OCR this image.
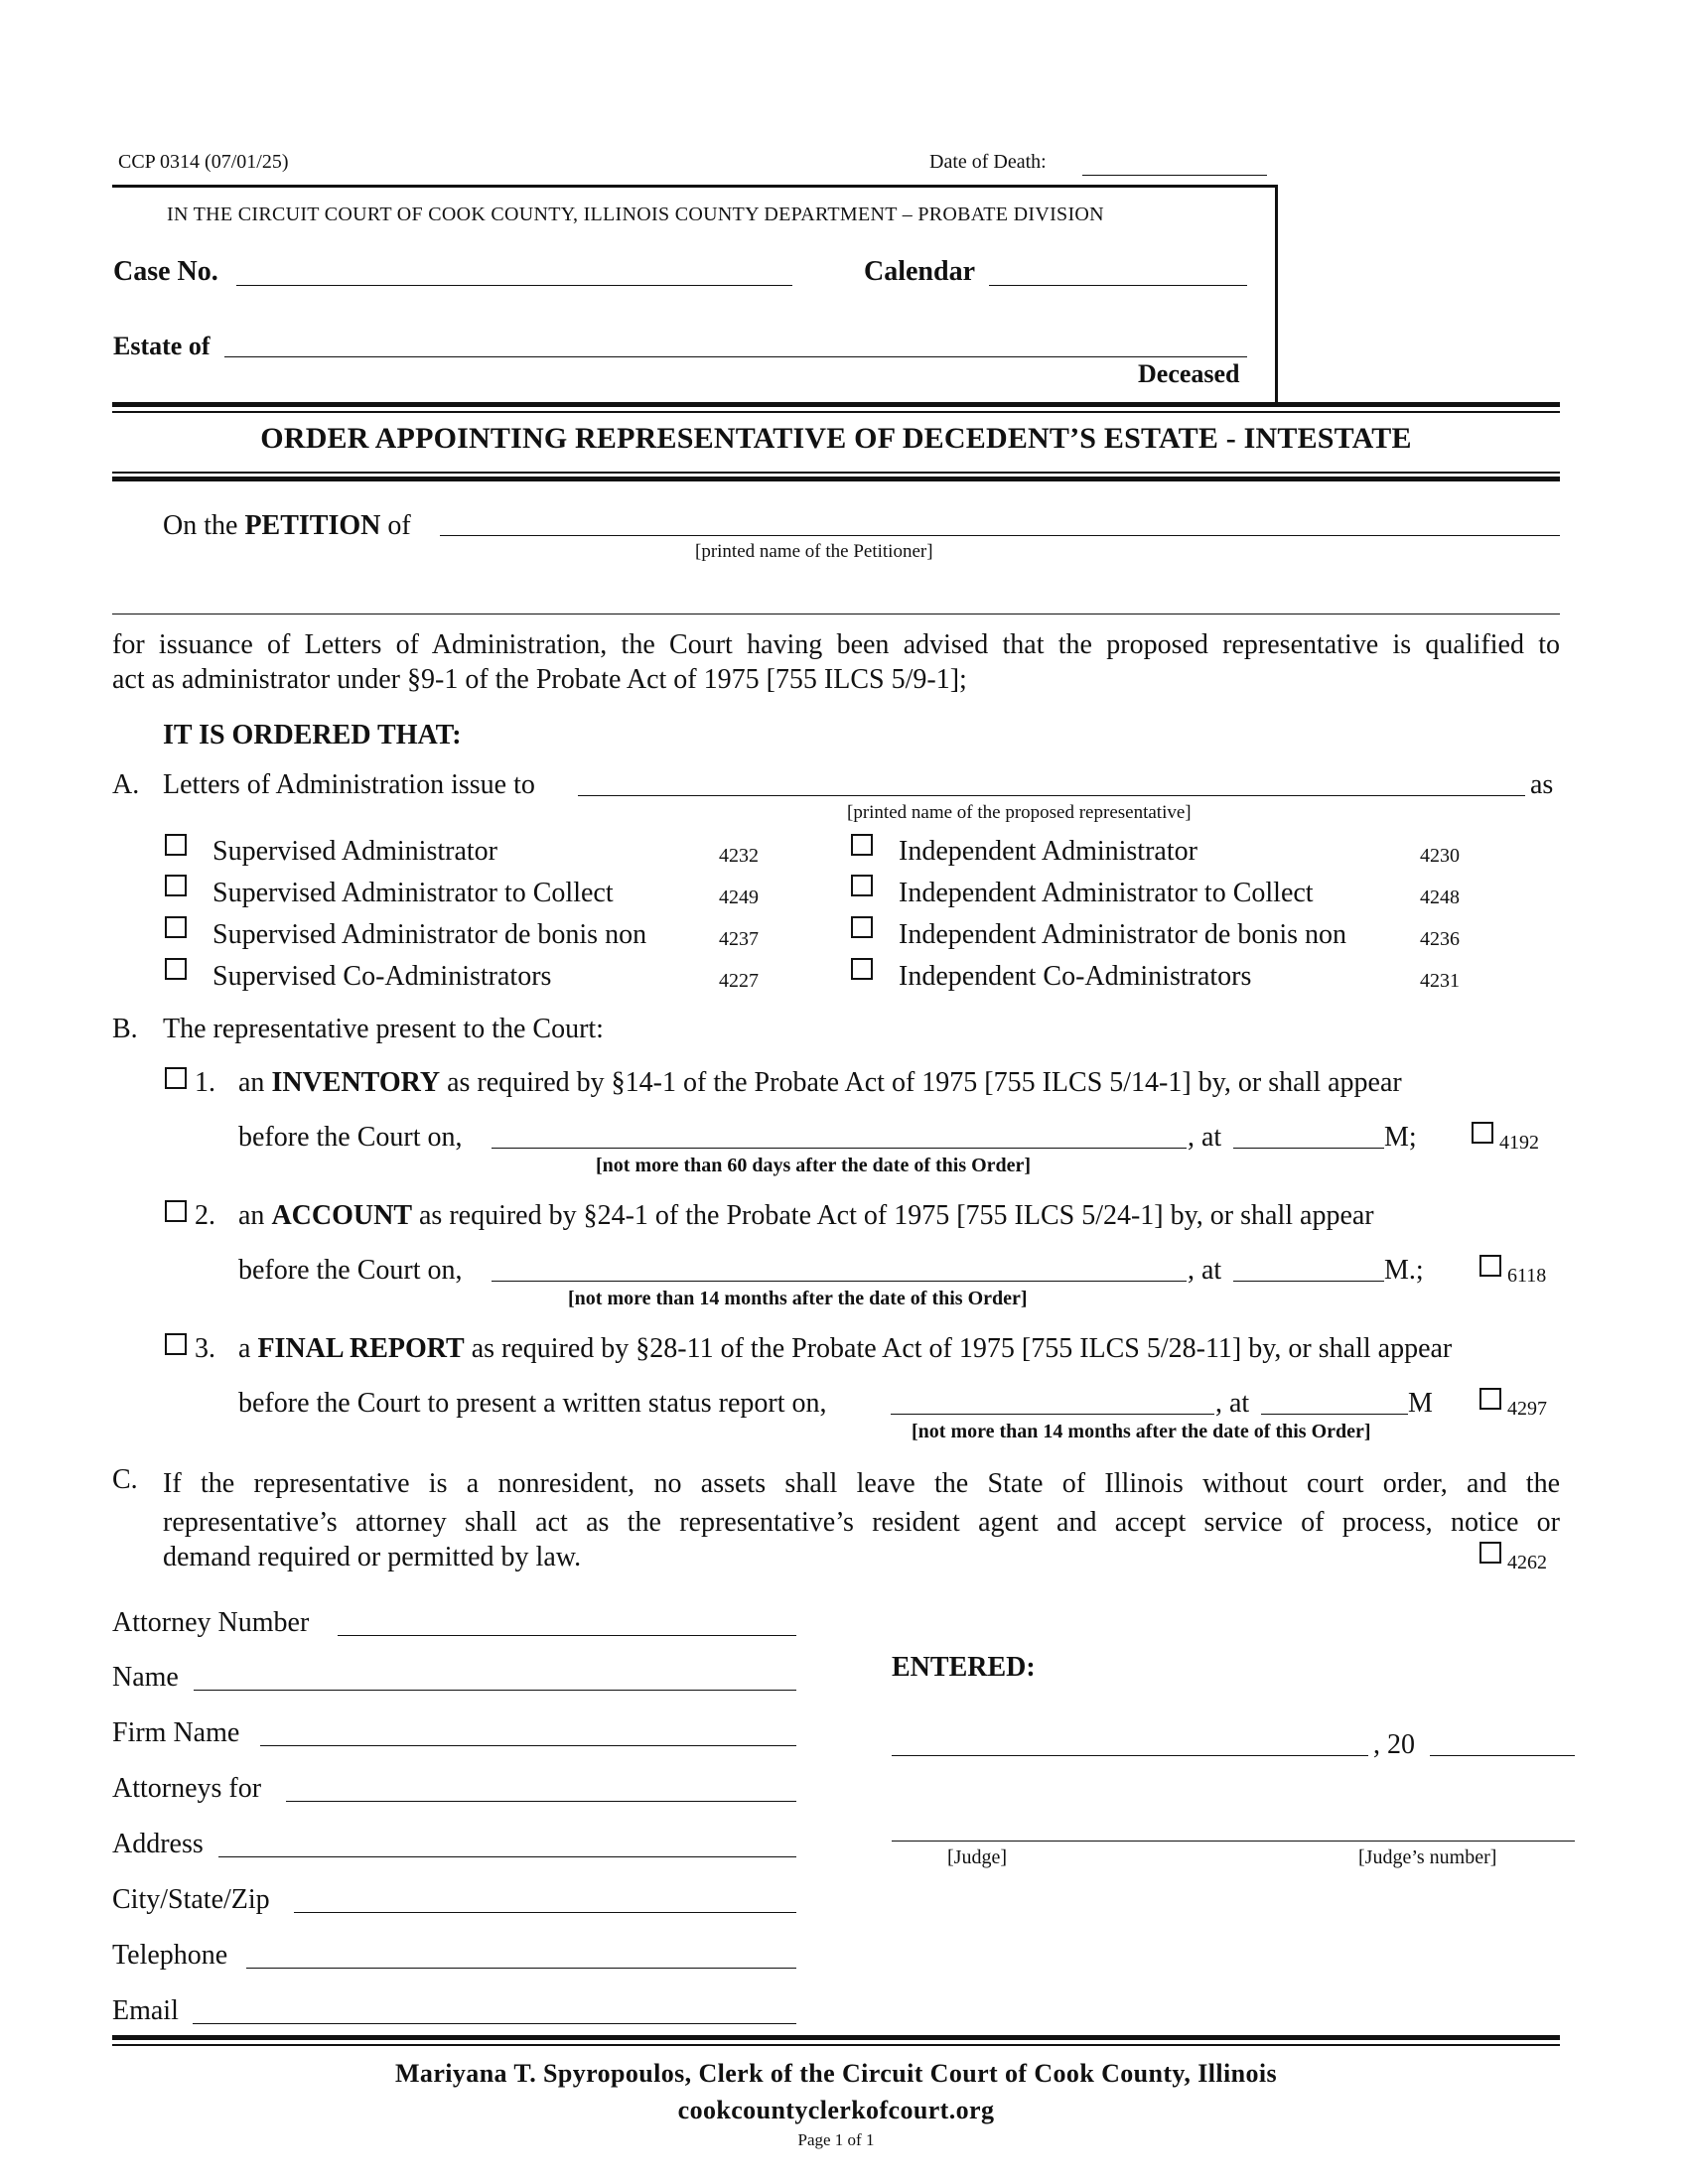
CCP 0314 (07/01/25)	Date of Death:
IN THE CIRCUIT COURT OF COOK COUNTY, ILLINOIS COUNTY DEPARTMENT – PROBATE DIVISION
Case No.	Calendar
Estate of
Deceased
ORDER APPOINTING REPRESENTATIVE OF DECEDENT’S ESTATE - INTESTATE
On the PETITION of
[printed name of the Petitioner]
for issuance of Letters of Administration, the Court having been advised that the proposed representative is qualified to
act as administrator under §9-1 of the Probate Act of 1975 [755 ILCS 5/9-1];
IT IS ORDERED THAT:
A. Letters of Administration issue to	as
[printed name of the proposed representative]
Supervised Administrator	4232
Supervised Administrator to Collect	4249
Supervised Administrator de bonis non	4237
Supervised Co-Administrators	4227
Independent Administrator	4230
Independent Administrator to Collect	4248
Independent Administrator de bonis non	4236
Independent Co-Administrators	4231
B. The representative present to the Court:
1. an INVENTORY as required by §14-1 of the Probate Act of 1975 [755 ILCS 5/14-1] by, or shall appear
before the Court on,	, at	M;
[not more than 60 days after the date of this Order]
4192
2. an ACCOUNT as required by §24-1 of the Probate Act of 1975 [755 ILCS 5/24-1] by, or shall appear
before the Court on,	, at	M.;
[not more than 14 months after the date of this Order]
6118
3. a FINAL REPORT as required by §28-11 of the Probate Act of 1975 [755 ILCS 5/28-11] by, or shall appear
before the Court to present a written status report on,	, at	M
[not more than 14 months after the date of this Order]
4297
C. If the representative is a nonresident, no assets shall leave the State of Illinois without court order, and the
representative’s attorney shall act as the representative’s resident agent and accept service of process, notice or
demand required or permitted by law.	4262
Attorney Number
Name
Firm Name
Attorneys for
Address
City/State/Zip
Telephone
Email
ENTERED:
, 20
[Judge]	[Judge’s number]
Mariyana T. Spyropoulos, Clerk of the Circuit Court of Cook County, Illinois
cookcountyclerkofcourt.org
Page 1 of 1
